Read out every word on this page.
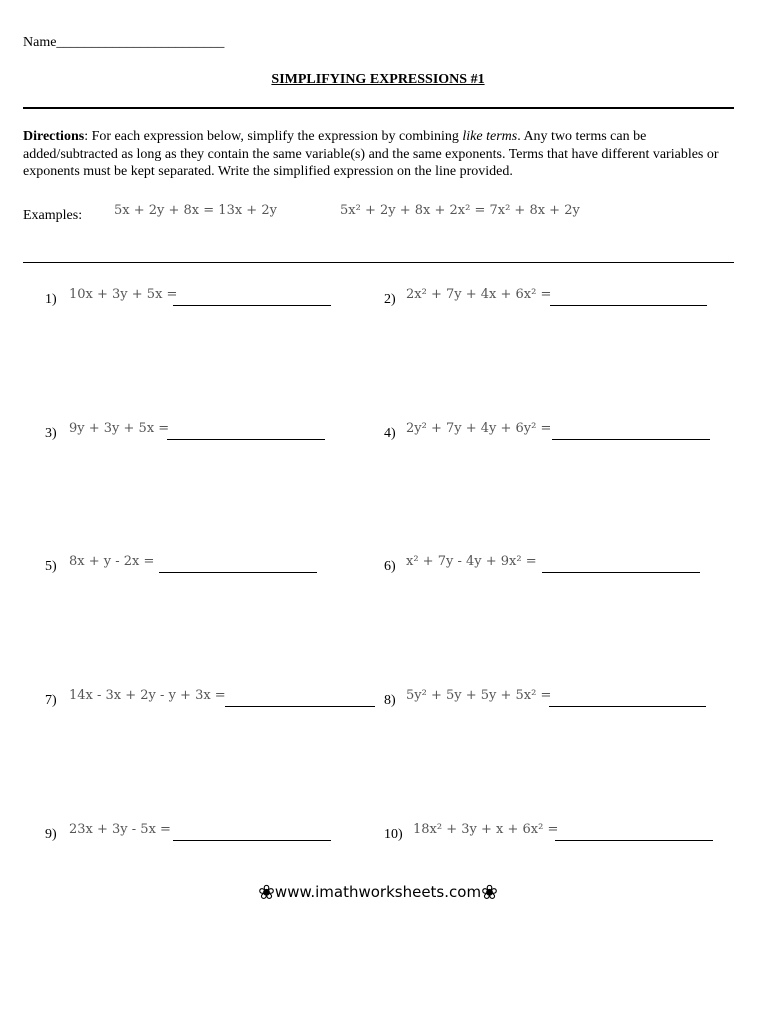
Name________________________
SIMPLIFYING EXPRESSIONS #1
Directions: For each expression below, simplify the expression by combining like terms. Any two terms can be added/subtracted as long as they contain the same variable(s) and the same exponents. Terms that have different variables or exponents must be kept separated. Write the simplified expression on the line provided.
Examples: 5x + 2y + 8x = 13x + 2y	5x² + 2y + 8x + 2x² = 7x² + 8x + 2y
1) 10x + 3y + 5x =	2) 2x² + 7y + 4x + 6x² =
3) 9y + 3y + 5x =	4) 2y² + 7y + 4y + 6y² =
5) 8x + y - 2x =	6) x² + 7y - 4y + 9x² =
7) 14x - 3x + 2y - y + 3x =	8) 5y² + 5y + 5y + 5x² =
9) 23x + 3y - 5x =	10) 18x² + 3y + x + 6x² =
❀www.imathworksheets.com❀
